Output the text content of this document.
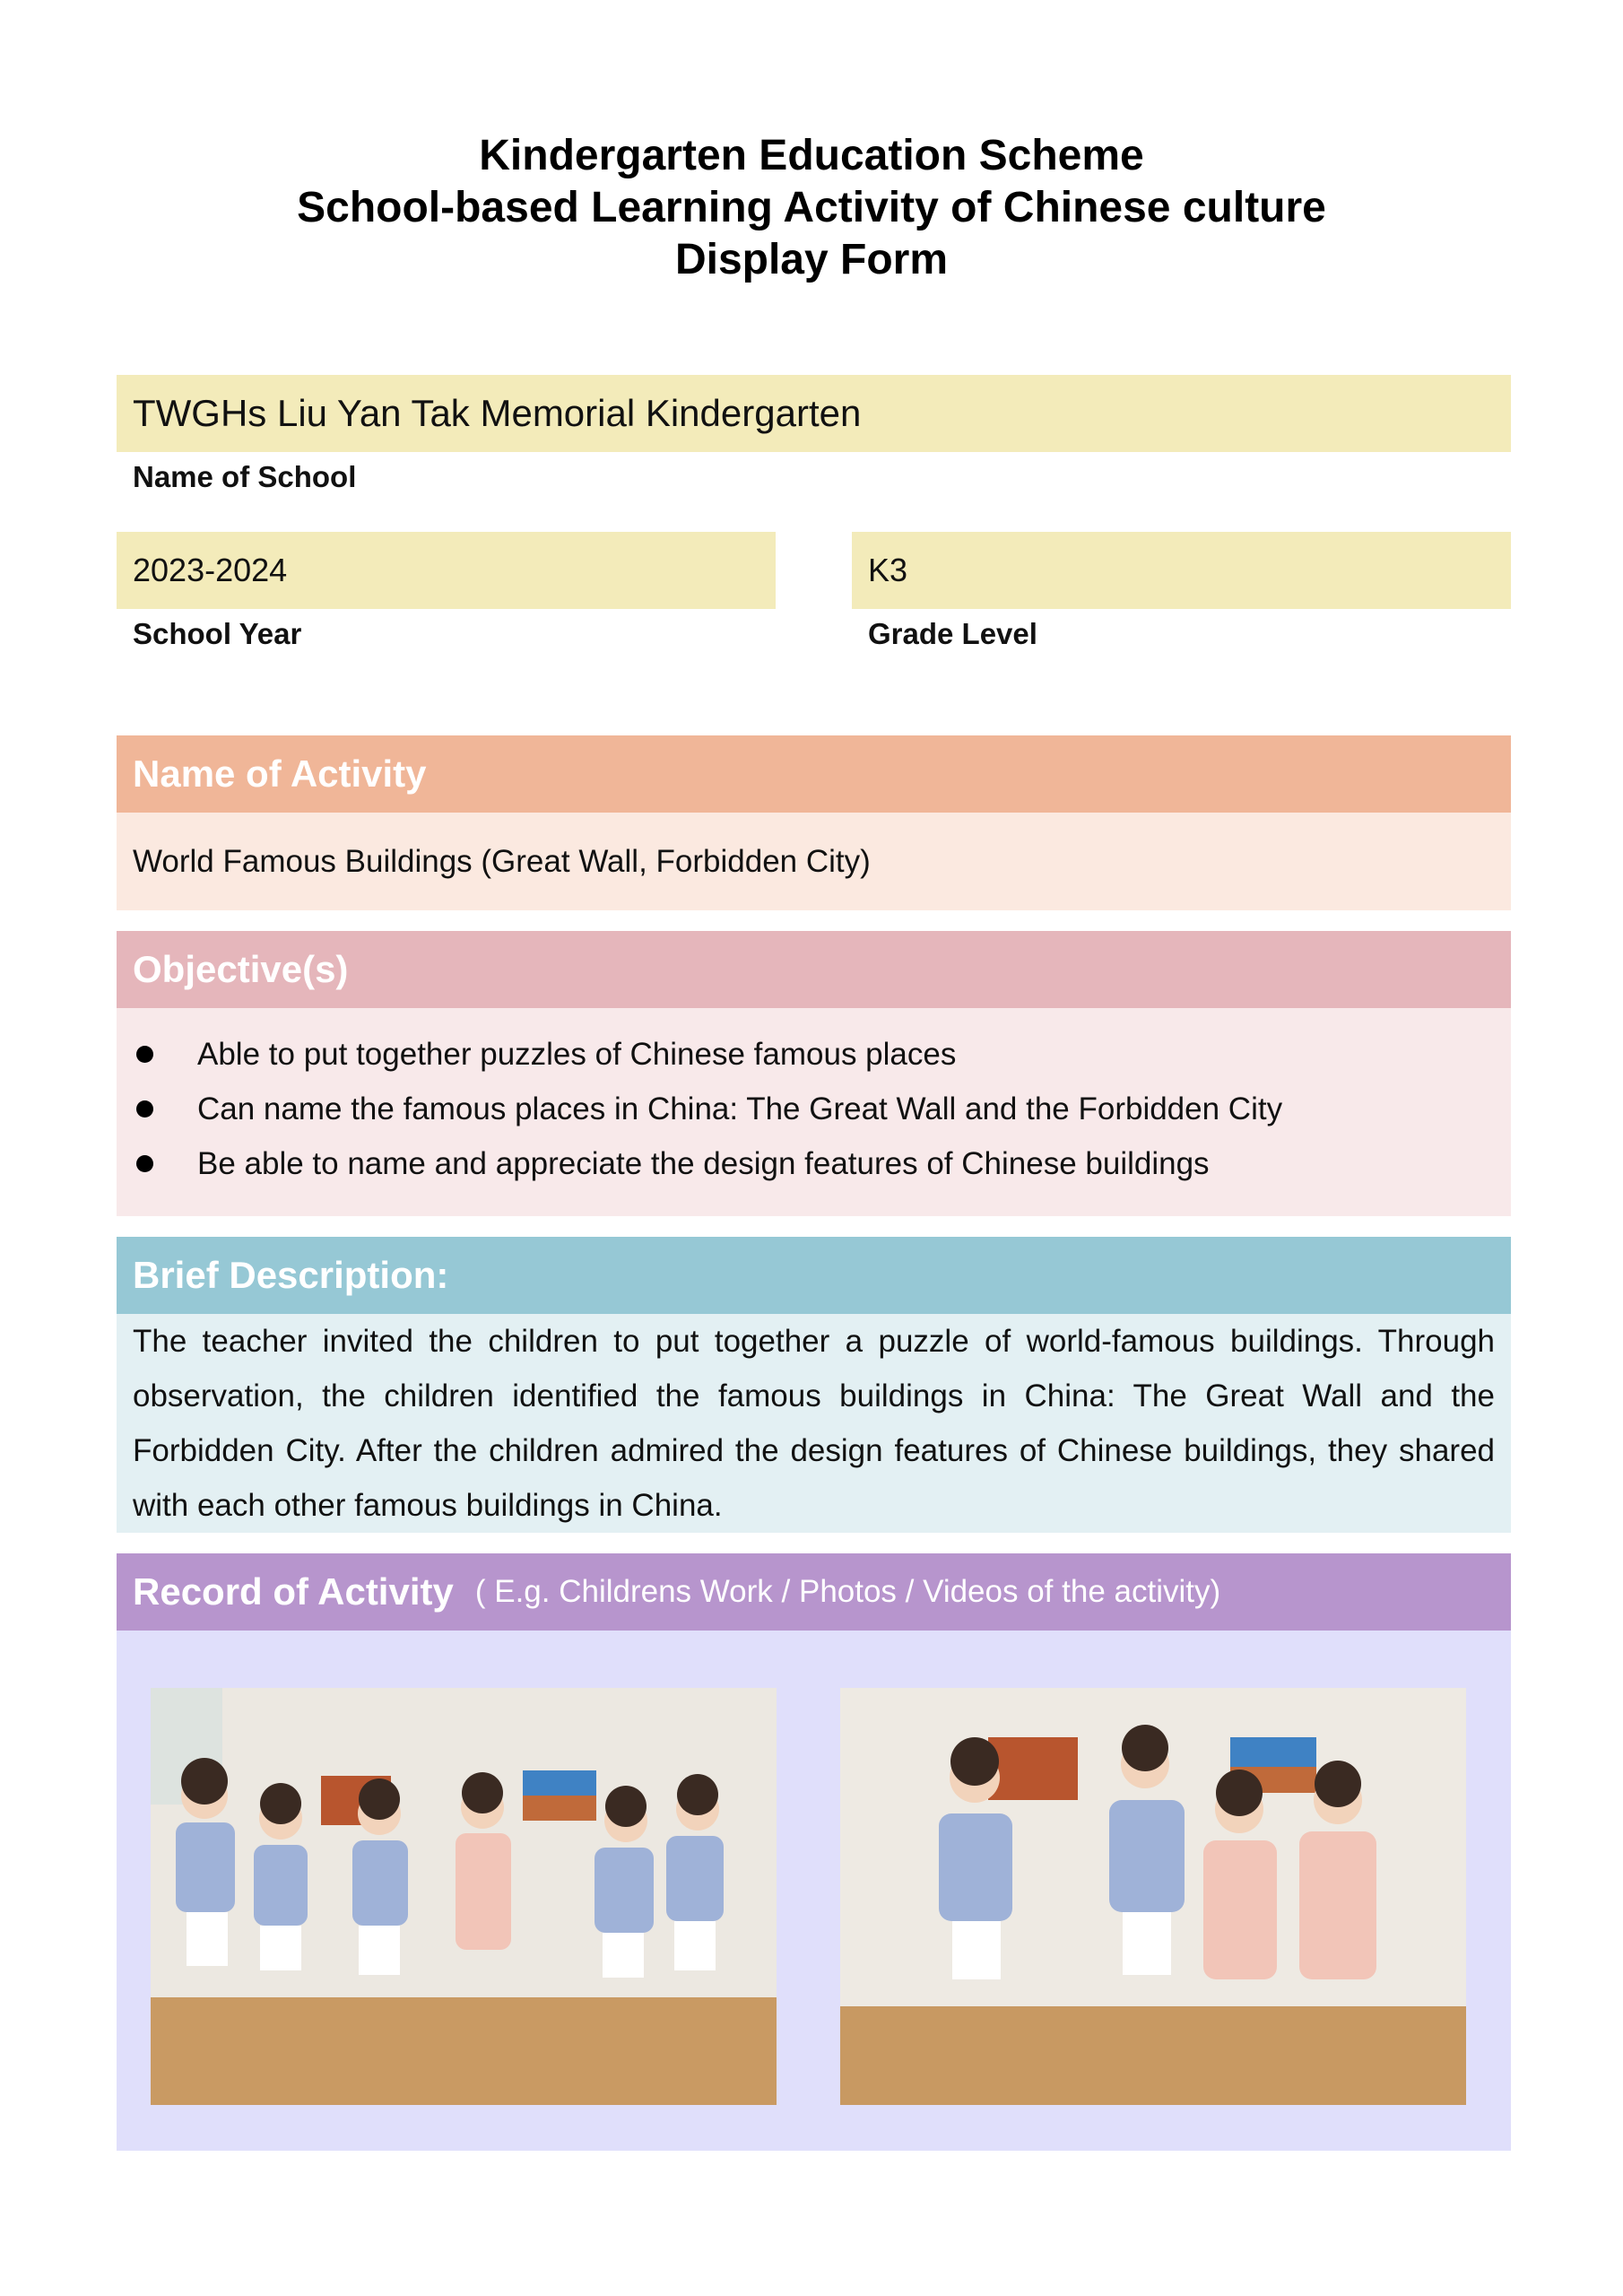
Kindergarten Education Scheme
School-based Learning Activity of Chinese culture
Display Form
TWGHs Liu Yan Tak Memorial Kindergarten
Name of School
2023-2024
School Year
K3
Grade Level
Name of Activity
World Famous Buildings (Great Wall, Forbidden City)
Objective(s)
Able to put together puzzles of Chinese famous places
Can name the famous places in China: The Great Wall and the Forbidden City
Be able to name and appreciate the design features of Chinese buildings
Brief Description:

The teacher invited the children to put together a puzzle of world-famous buildings. Through observation, the children identified the famous buildings in China: The Great Wall and the Forbidden City. After the children admired the design features of Chinese buildings, they shared with each other famous buildings in China.

Record of Activity ( E.g. Childrens Work / Photos / Videos of the activity)
